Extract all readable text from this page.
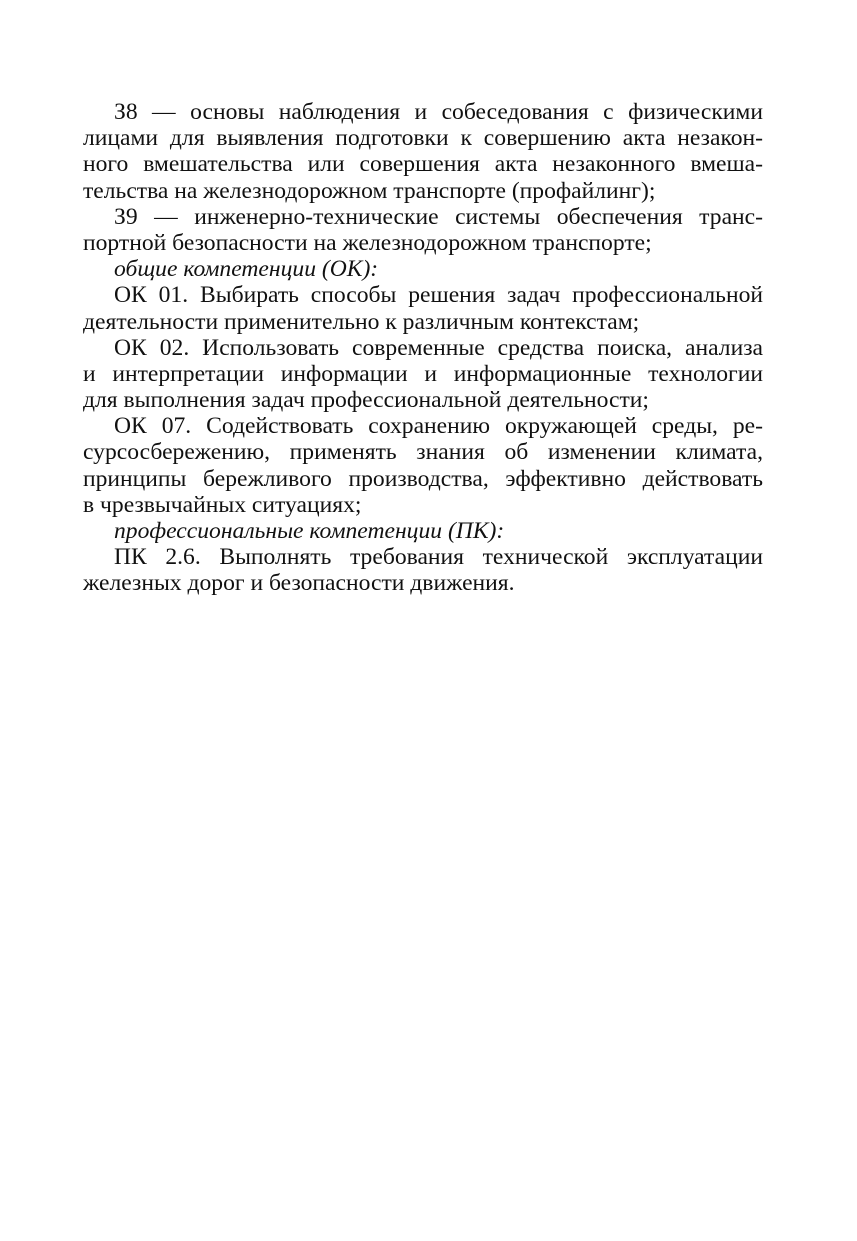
З8 — основы наблюдения и собеседования с физическими
лицами для выявления подготовки к совершению акта незакон-
ного вмешательства или совершения акта незаконного вмеша-
тельства на железнодорожном транспорте (профайлинг);
З9 — инженерно-технические системы обеспечения транс-
портной безопасности на железнодорожном транспорте;
общие компетенции (ОК):
ОК 01. Выбирать способы решения задач профессиональной
деятельности применительно к различным контекстам;
ОК 02. Использовать современные средства поиска, анализа
и интерпретации информации и информационные технологии
для выполнения задач профессиональной деятельности;
ОК 07. Содействовать сохранению окружающей среды, ре-
сурсосбережению, применять знания об изменении климата,
принципы бережливого производства, эффективно действовать
в чрезвычайных ситуациях;
профессиональные компетенции (ПК):
ПК 2.6. Выполнять требования технической эксплуатации
железных дорог и безопасности движения.
